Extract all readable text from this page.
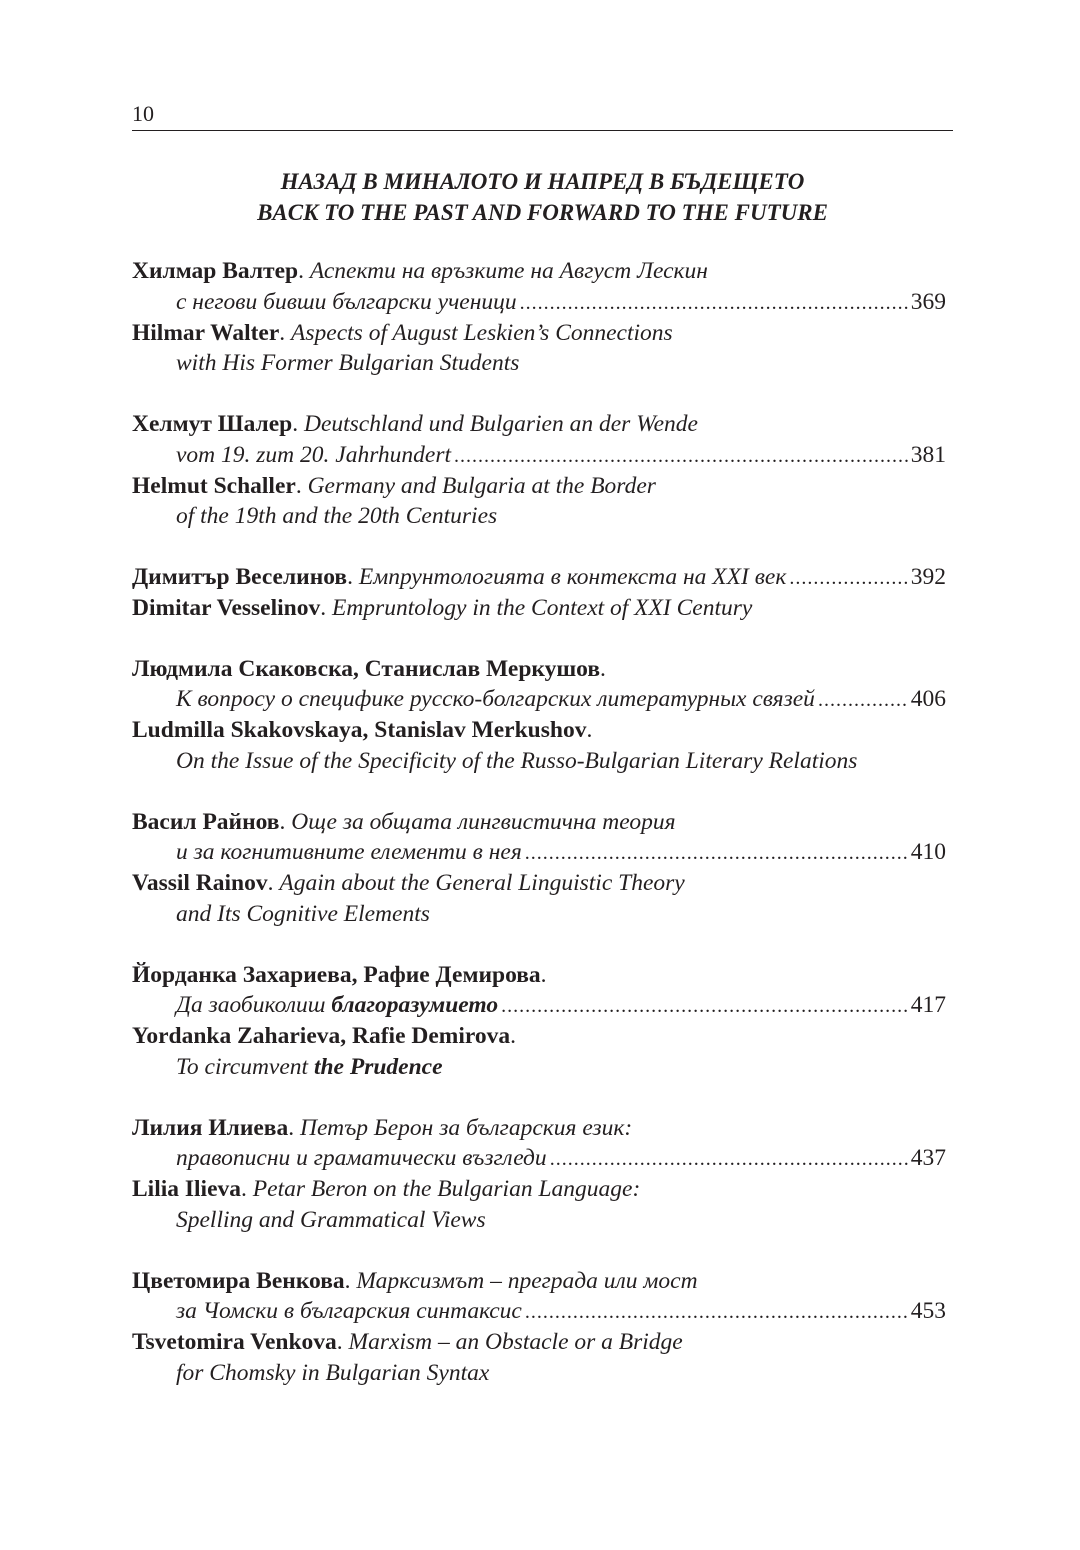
10
НАЗАД В МИНАЛОТО И НАПРЕД В БЪДЕЩЕТО
BACK TO THE PAST AND FORWARD TO THE FUTURE
Хилмар Валтер. Аспекти на връзките на Август Лескин
с негови бивши български ученици .....	369
Hilmar Walter. Aspects of August Leskien’s Connections
with His Former Bulgarian Students
Хелмут Шалер. Deutschland und Bulgarien an der Wende
vom 19. zum 20. Jahrhundert .....	381
Helmut Schaller. Germany and Bulgaria at the Border
of the 19th and the 20th Centuries
Димитър Веселинов. Емпрунтологията в контекста на XXI век .....	392
Dimitar Vesselinov. Empruntology in the Context of XXI Century
Людмила Скаковска, Станислав Меркушов.
К вопросу о специфике русско-болгарских литературных связей .....	406
Ludmilla Skakovskaya, Stanislav Merkushov.
On the Issue of the Specificity of the Russo-Bulgarian Literary Relations
Васил Райнов. Още за общата лингвистична теория
и за когнитивните елементи в нея .....	410
Vassil Rainov. Again about the General Linguistic Theory
and Its Cognitive Elements
Йорданка Захариева, Рафие Демирова.
Да заобиколиш благоразумието .....	417
Yordanka Zaharieva, Rafie Demirova.
To circumvent the Prudence
Лилия Илиева. Петър Берон за българския език:
правописни и граматически възгледи .....	437
Lilia Ilieva. Petar Beron on the Bulgarian Language:
Spelling and Grammatical Views
Цветомира Венкова. Марксизмът – преграда или мост
за Чомски в българския синтаксис .....	453
Tsvetomira Venkova. Marxism – an Obstacle or a Bridge
for Chomsky in Bulgarian Syntax
